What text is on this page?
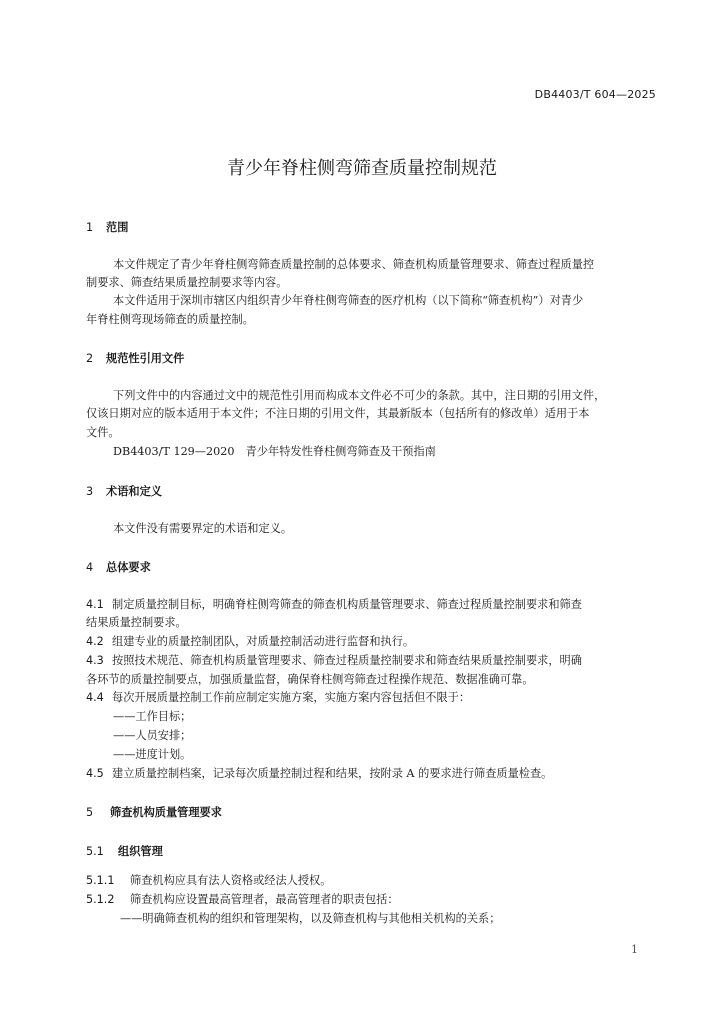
DB4403/T 604—2025
青少年脊柱侧弯筛查质量控制规范
1 范围
本文件规定了青少年脊柱侧弯筛查质量控制的总体要求、筛查机构质量管理要求、筛查过程质量控
制要求、筛查结果质量控制要求等内容。
本文件适用于深圳市辖区内组织青少年脊柱侧弯筛查的医疗机构（以下简称“筛查机构”）对青少
年脊柱侧弯现场筛查的质量控制。
2 规范性引用文件
下列文件中的内容通过文中的规范性引用而构成本文件必不可少的条款。其中，注日期的引用文件，
仅该日期对应的版本适用于本文件；不注日期的引用文件，其最新版本（包括所有的修改单）适用于本
文件。
DB4403/T 129—2020　青少年特发性脊柱侧弯筛查及干预指南
3 术语和定义
本文件没有需要界定的术语和定义。
4 总体要求
4.1 制定质量控制目标，明确脊柱侧弯筛查的筛查机构质量管理要求、筛查过程质量控制要求和筛查
结果质量控制要求。
4.2 组建专业的质量控制团队，对质量控制活动进行监督和执行。
4.3 按照技术规范、筛查机构质量管理要求、筛查过程质量控制要求和筛查结果质量控制要求，明确
各环节的质量控制要点，加强质量监督，确保脊柱侧弯筛查过程操作规范、数据准确可靠。
4.4 每次开展质量控制工作前应制定实施方案，实施方案内容包括但不限于：
——工作目标；
——人员安排；
——进度计划。
4.5 建立质量控制档案，记录每次质量控制过程和结果，按附录 A 的要求进行筛查质量检查。
5 筛查机构质量管理要求
5.1 组织管理
5.1.1 筛查机构应具有法人资格或经法人授权。
5.1.2 筛查机构应设置最高管理者，最高管理者的职责包括：
——明确筛查机构的组织和管理架构，以及筛查机构与其他相关机构的关系；
1
